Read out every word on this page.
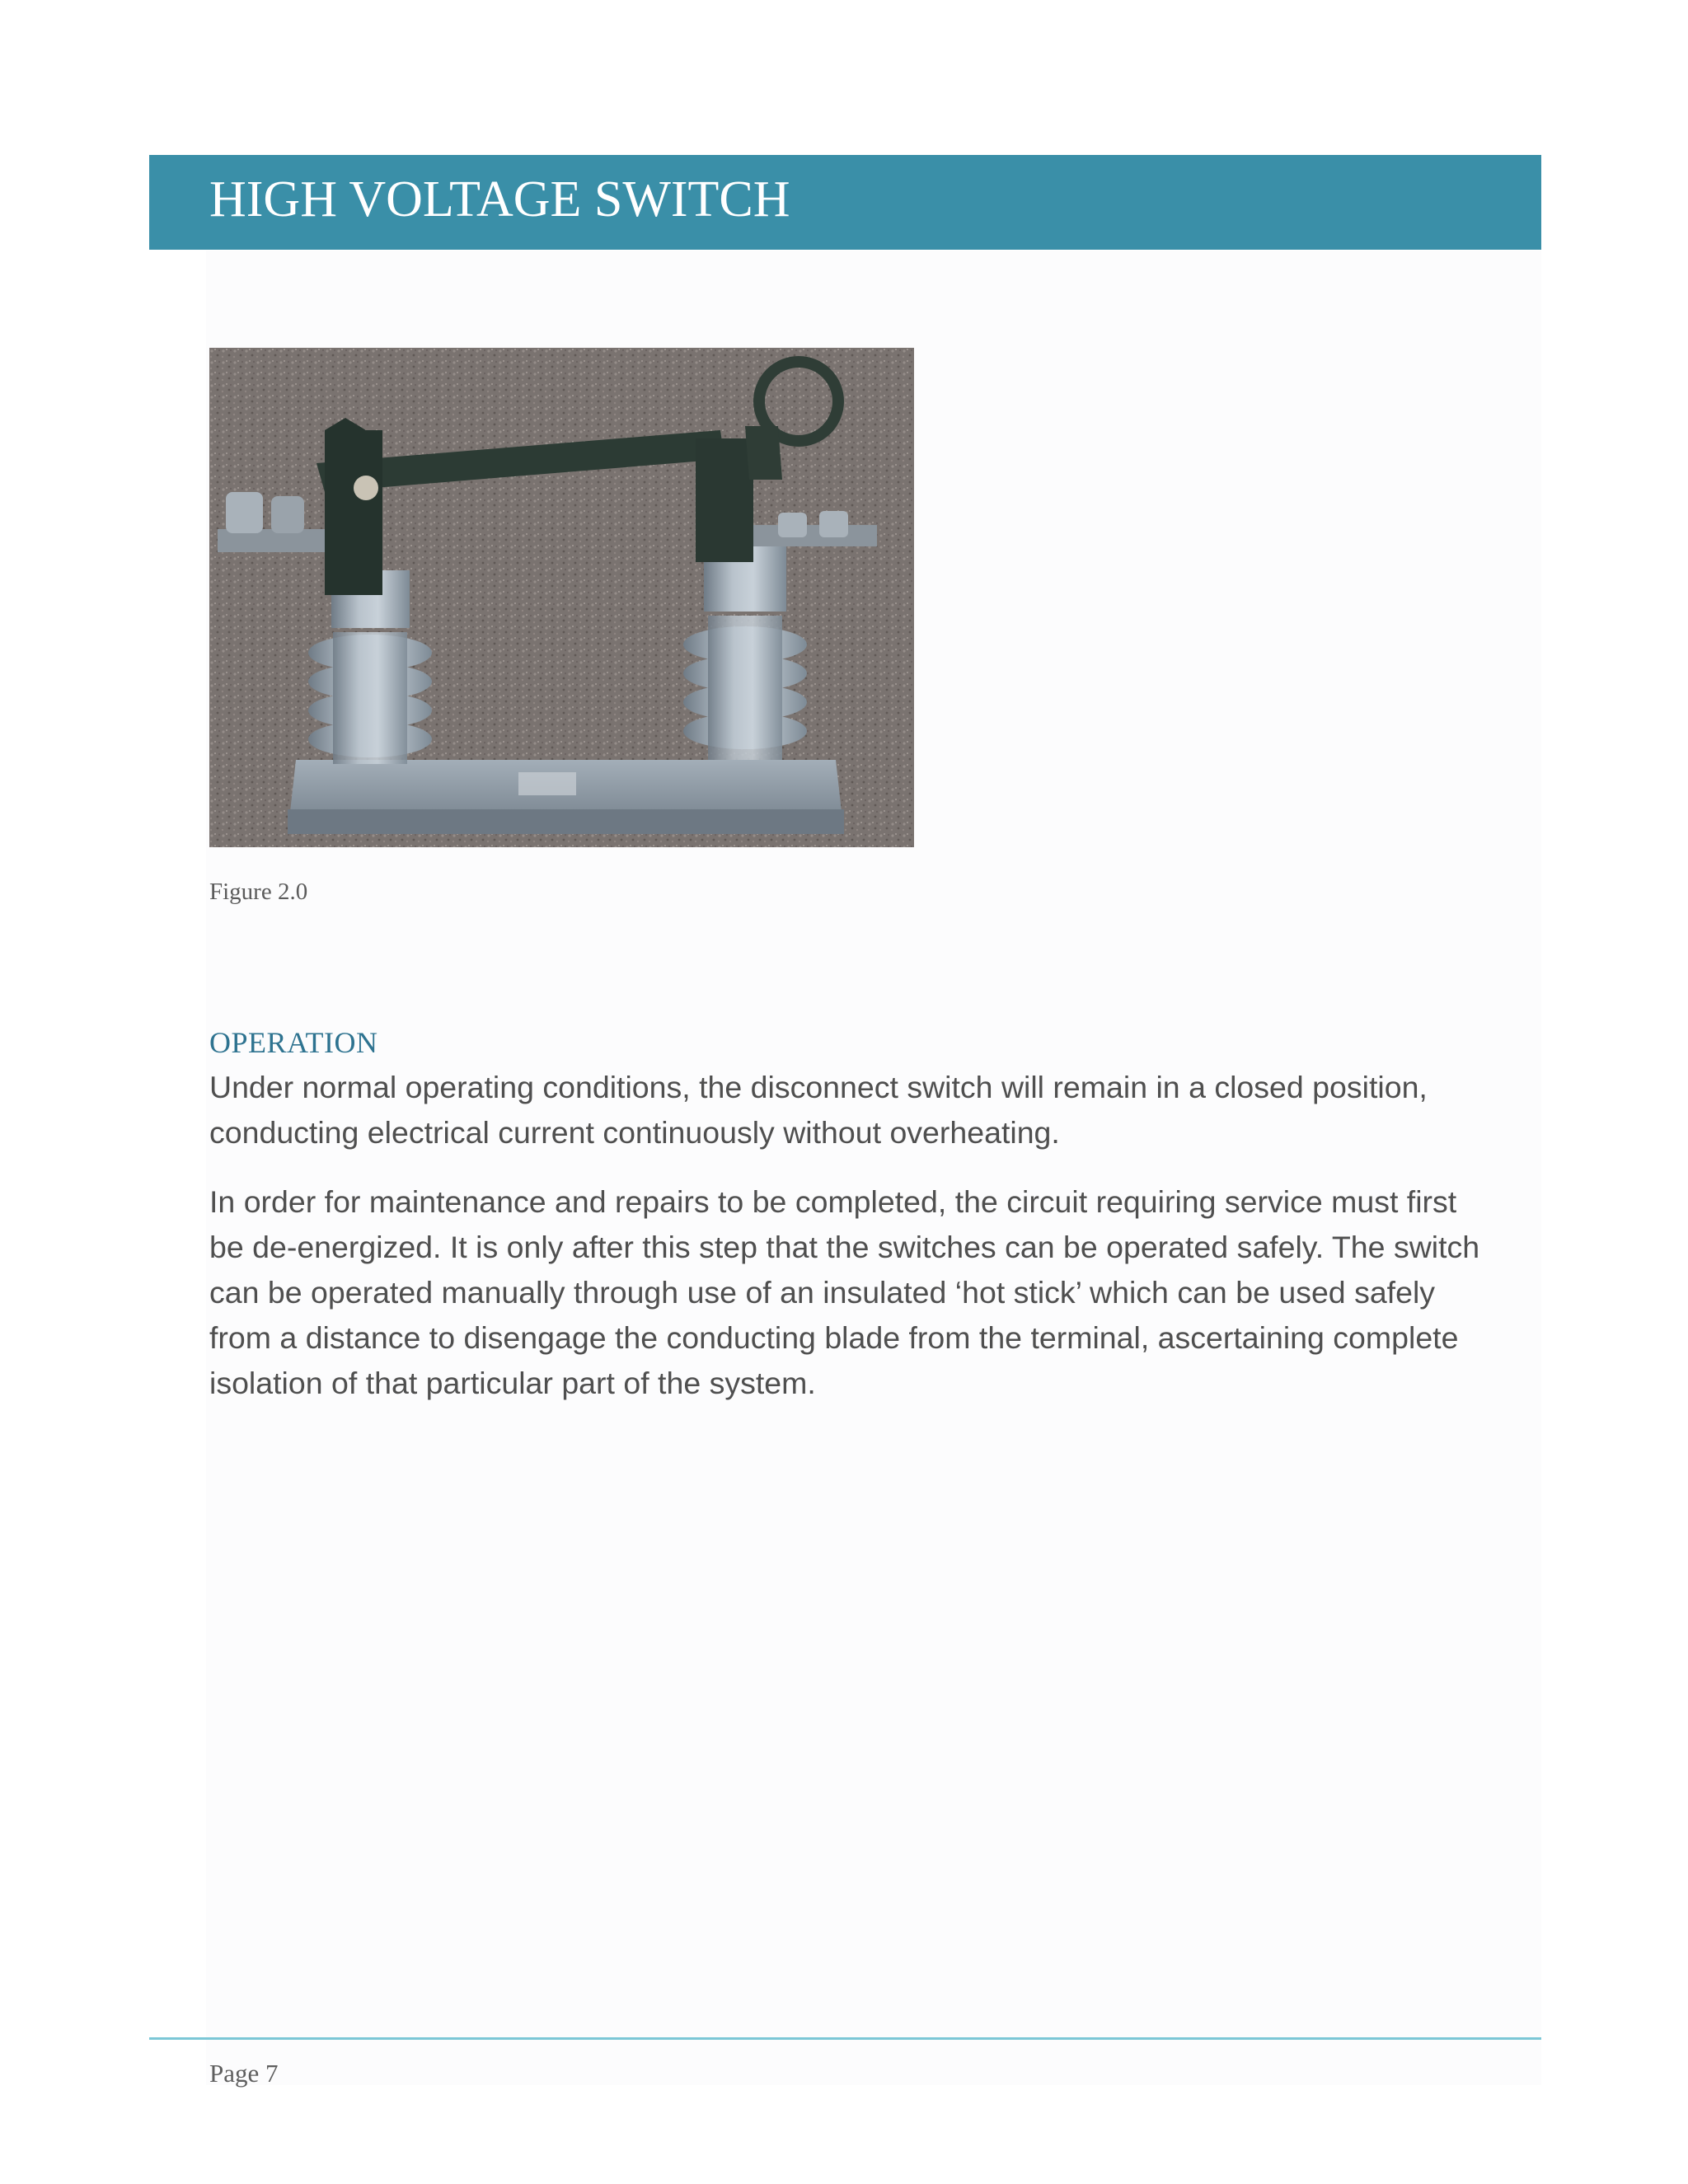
HIGH VOLTAGE SWITCH
Figure 2.0
OPERATION

Under normal operating conditions, the disconnect switch will remain in a closed position, conducting electrical current continuously without overheating.

In order for maintenance and repairs to be completed, the circuit requiring service must first be de-energized. It is only after this step that the switches can be operated safely. The switch can be operated manually through use of an insulated ‘hot stick’ which can be used safely from a distance to disengage the conducting blade from the terminal, ascertaining complete isolation of that particular part of the system.

Page 7
